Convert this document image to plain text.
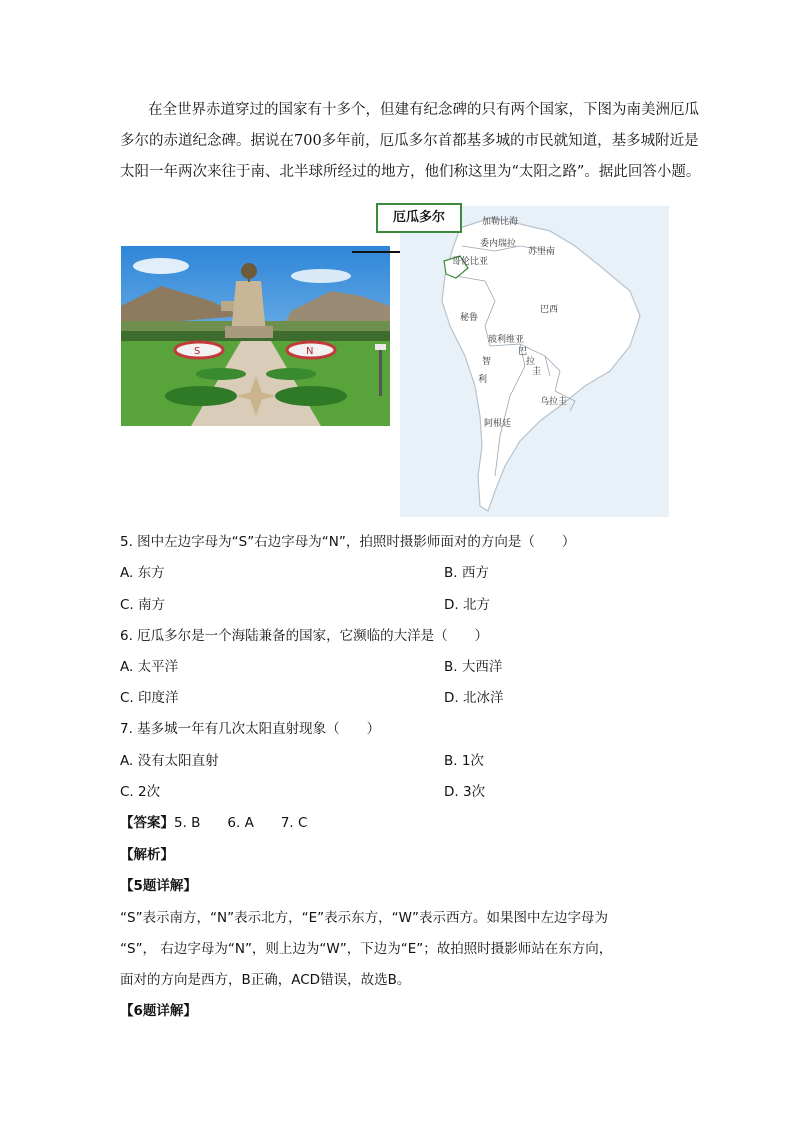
在全世界赤道穿过的国家有十多个，但建有纪念碑的只有两个国家，下图为南美洲厄瓜
多尔的赤道纪念碑。据说在700多年前，厄瓜多尔首都基多城的市民就知道，基多城附近是
太阳一年两次来往于南、北半球所经过的地方，他们称这里为“太阳之路”。据此回答小题。
S	N
加勒比海
委内瑞拉
苏里南
哥伦比亚
巴西
秘鲁
玻利维亚
巴
拉
圭
智
利
乌拉圭
阿根廷
厄瓜多尔
5. 图中左边字母为“S”右边字母为“N”，拍照时摄影师面对的方向是（　　）
A. 东方	B. 西方
C. 南方	D. 北方
6. 厄瓜多尔是一个海陆兼备的国家，它濒临的大洋是（　　）
A. 太平洋	B. 大西洋
C. 印度洋	D. 北冰洋
7. 基多城一年有几次太阳直射现象（　　）
A. 没有太阳直射	B. 1次
C. 2次	D. 3次
【答案】5. B　　6. A　　7. C
【解析】
【5题详解】
“S”表示南方，“N”表示北方，“E”表示东方，“W”表示西方。如果图中左边字母为
“S”， 右边字母为“N”，则上边为“W”，下边为“E”；故拍照时摄影师站在东方向，
面对的方向是西方，B正确，ACD错误，故选B。
【6题详解】
